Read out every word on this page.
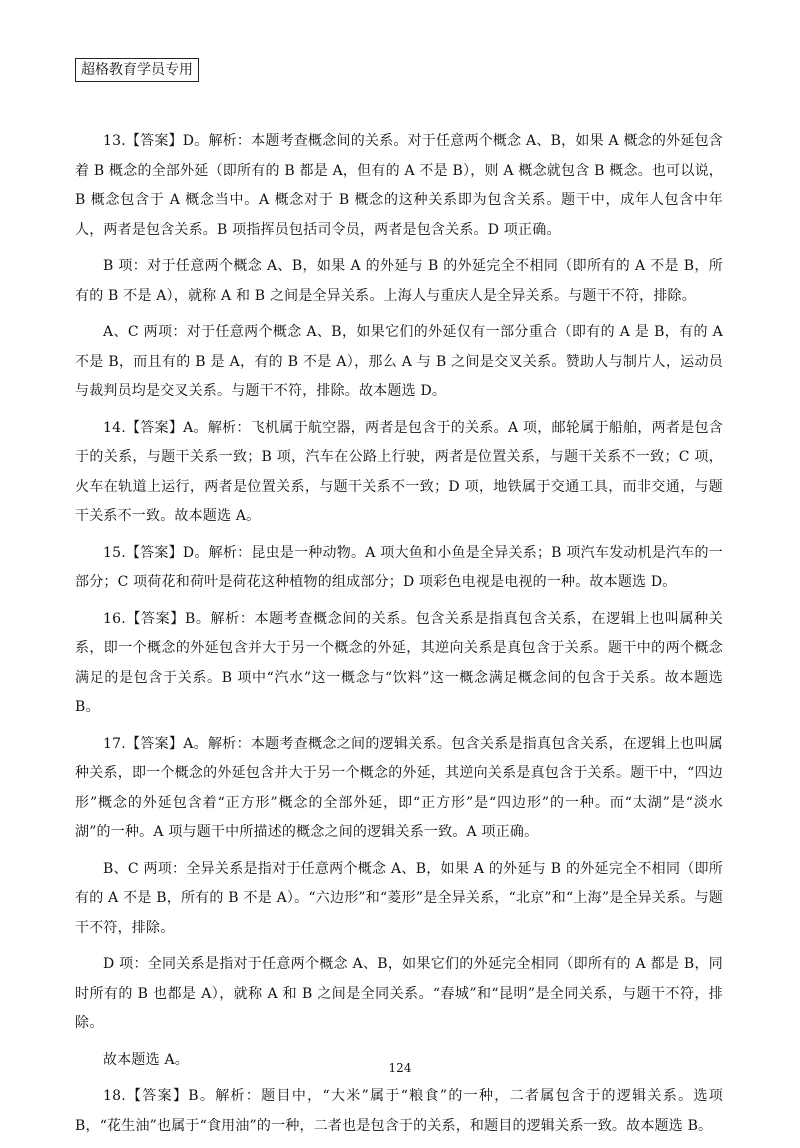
超格教育学员专用

13.【答案】D。解析：本题考查概念间的关系。对于任意两个概念 A、B，如果 A 概念的外延包含着 B 概念的全部外延（即所有的 B 都是 A，但有的 A 不是 B），则 A 概念就包含 B 概念。也可以说，B 概念包含于 A 概念当中。A 概念对于 B 概念的这种关系即为包含关系。题干中，成年人包含中年人，两者是包含关系。B 项指挥员包括司令员，两者是包含关系。D 项正确。

B 项：对于任意两个概念 A、B，如果 A 的外延与 B 的外延完全不相同（即所有的 A 不是 B，所有的 B 不是 A），就称 A 和 B 之间是全异关系。上海人与重庆人是全异关系。与题干不符，排除。

A、C 两项：对于任意两个概念 A、B，如果它们的外延仅有一部分重合（即有的 A 是 B，有的 A 不是 B，而且有的 B 是 A，有的 B 不是 A），那么 A 与 B 之间是交叉关系。赞助人与制片人，运动员与裁判员均是交叉关系。与题干不符，排除。故本题选 D。

14.【答案】A。解析：飞机属于航空器，两者是包含于的关系。A 项，邮轮属于船舶，两者是包含于的关系，与题干关系一致；B 项，汽车在公路上行驶，两者是位置关系，与题干关系不一致；C 项，火车在轨道上运行，两者是位置关系，与题干关系不一致；D 项，地铁属于交通工具，而非交通，与题干关系不一致。故本题选 A。

15.【答案】D。解析：昆虫是一种动物。A 项大鱼和小鱼是全异关系；B 项汽车发动机是汽车的一部分；C 项荷花和荷叶是荷花这种植物的组成部分；D 项彩色电视是电视的一种。故本题选 D。

16.【答案】B。解析：本题考查概念间的关系。包含关系是指真包含关系，在逻辑上也叫属种关系，即一个概念的外延包含并大于另一个概念的外延，其逆向关系是真包含于关系。题干中的两个概念满足的是包含于关系。B 项中“汽水”这一概念与“饮料”这一概念满足概念间的包含于关系。故本题选 B。

17.【答案】A。解析：本题考查概念之间的逻辑关系。包含关系是指真包含关系，在逻辑上也叫属种关系，即一个概念的外延包含并大于另一个概念的外延，其逆向关系是真包含于关系。题干中，“四边形”概念的外延包含着“正方形”概念的全部外延，即“正方形”是“四边形”的一种。而“太湖”是“淡水湖”的一种。A 项与题干中所描述的概念之间的逻辑关系一致。A 项正确。

B、C 两项：全异关系是指对于任意两个概念 A、B，如果 A 的外延与 B 的外延完全不相同（即所有的 A 不是 B，所有的 B 不是 A）。“六边形”和“菱形”是全异关系，“北京”和“上海”是全异关系。与题干不符，排除。

D 项：全同关系是指对于任意两个概念 A、B，如果它们的外延完全相同（即所有的 A 都是 B，同时所有的 B 也都是 A），就称 A 和 B 之间是全同关系。“春城”和“昆明”是全同关系，与题干不符，排除。

故本题选 A。

18.【答案】B。解析：题目中，“大米”属于“粮食”的一种，二者属包含于的逻辑关系。选项 B，“花生油”也属于“食用油”的一种，二者也是包含于的关系，和题目的逻辑关系一致。故本题选 B。

124
